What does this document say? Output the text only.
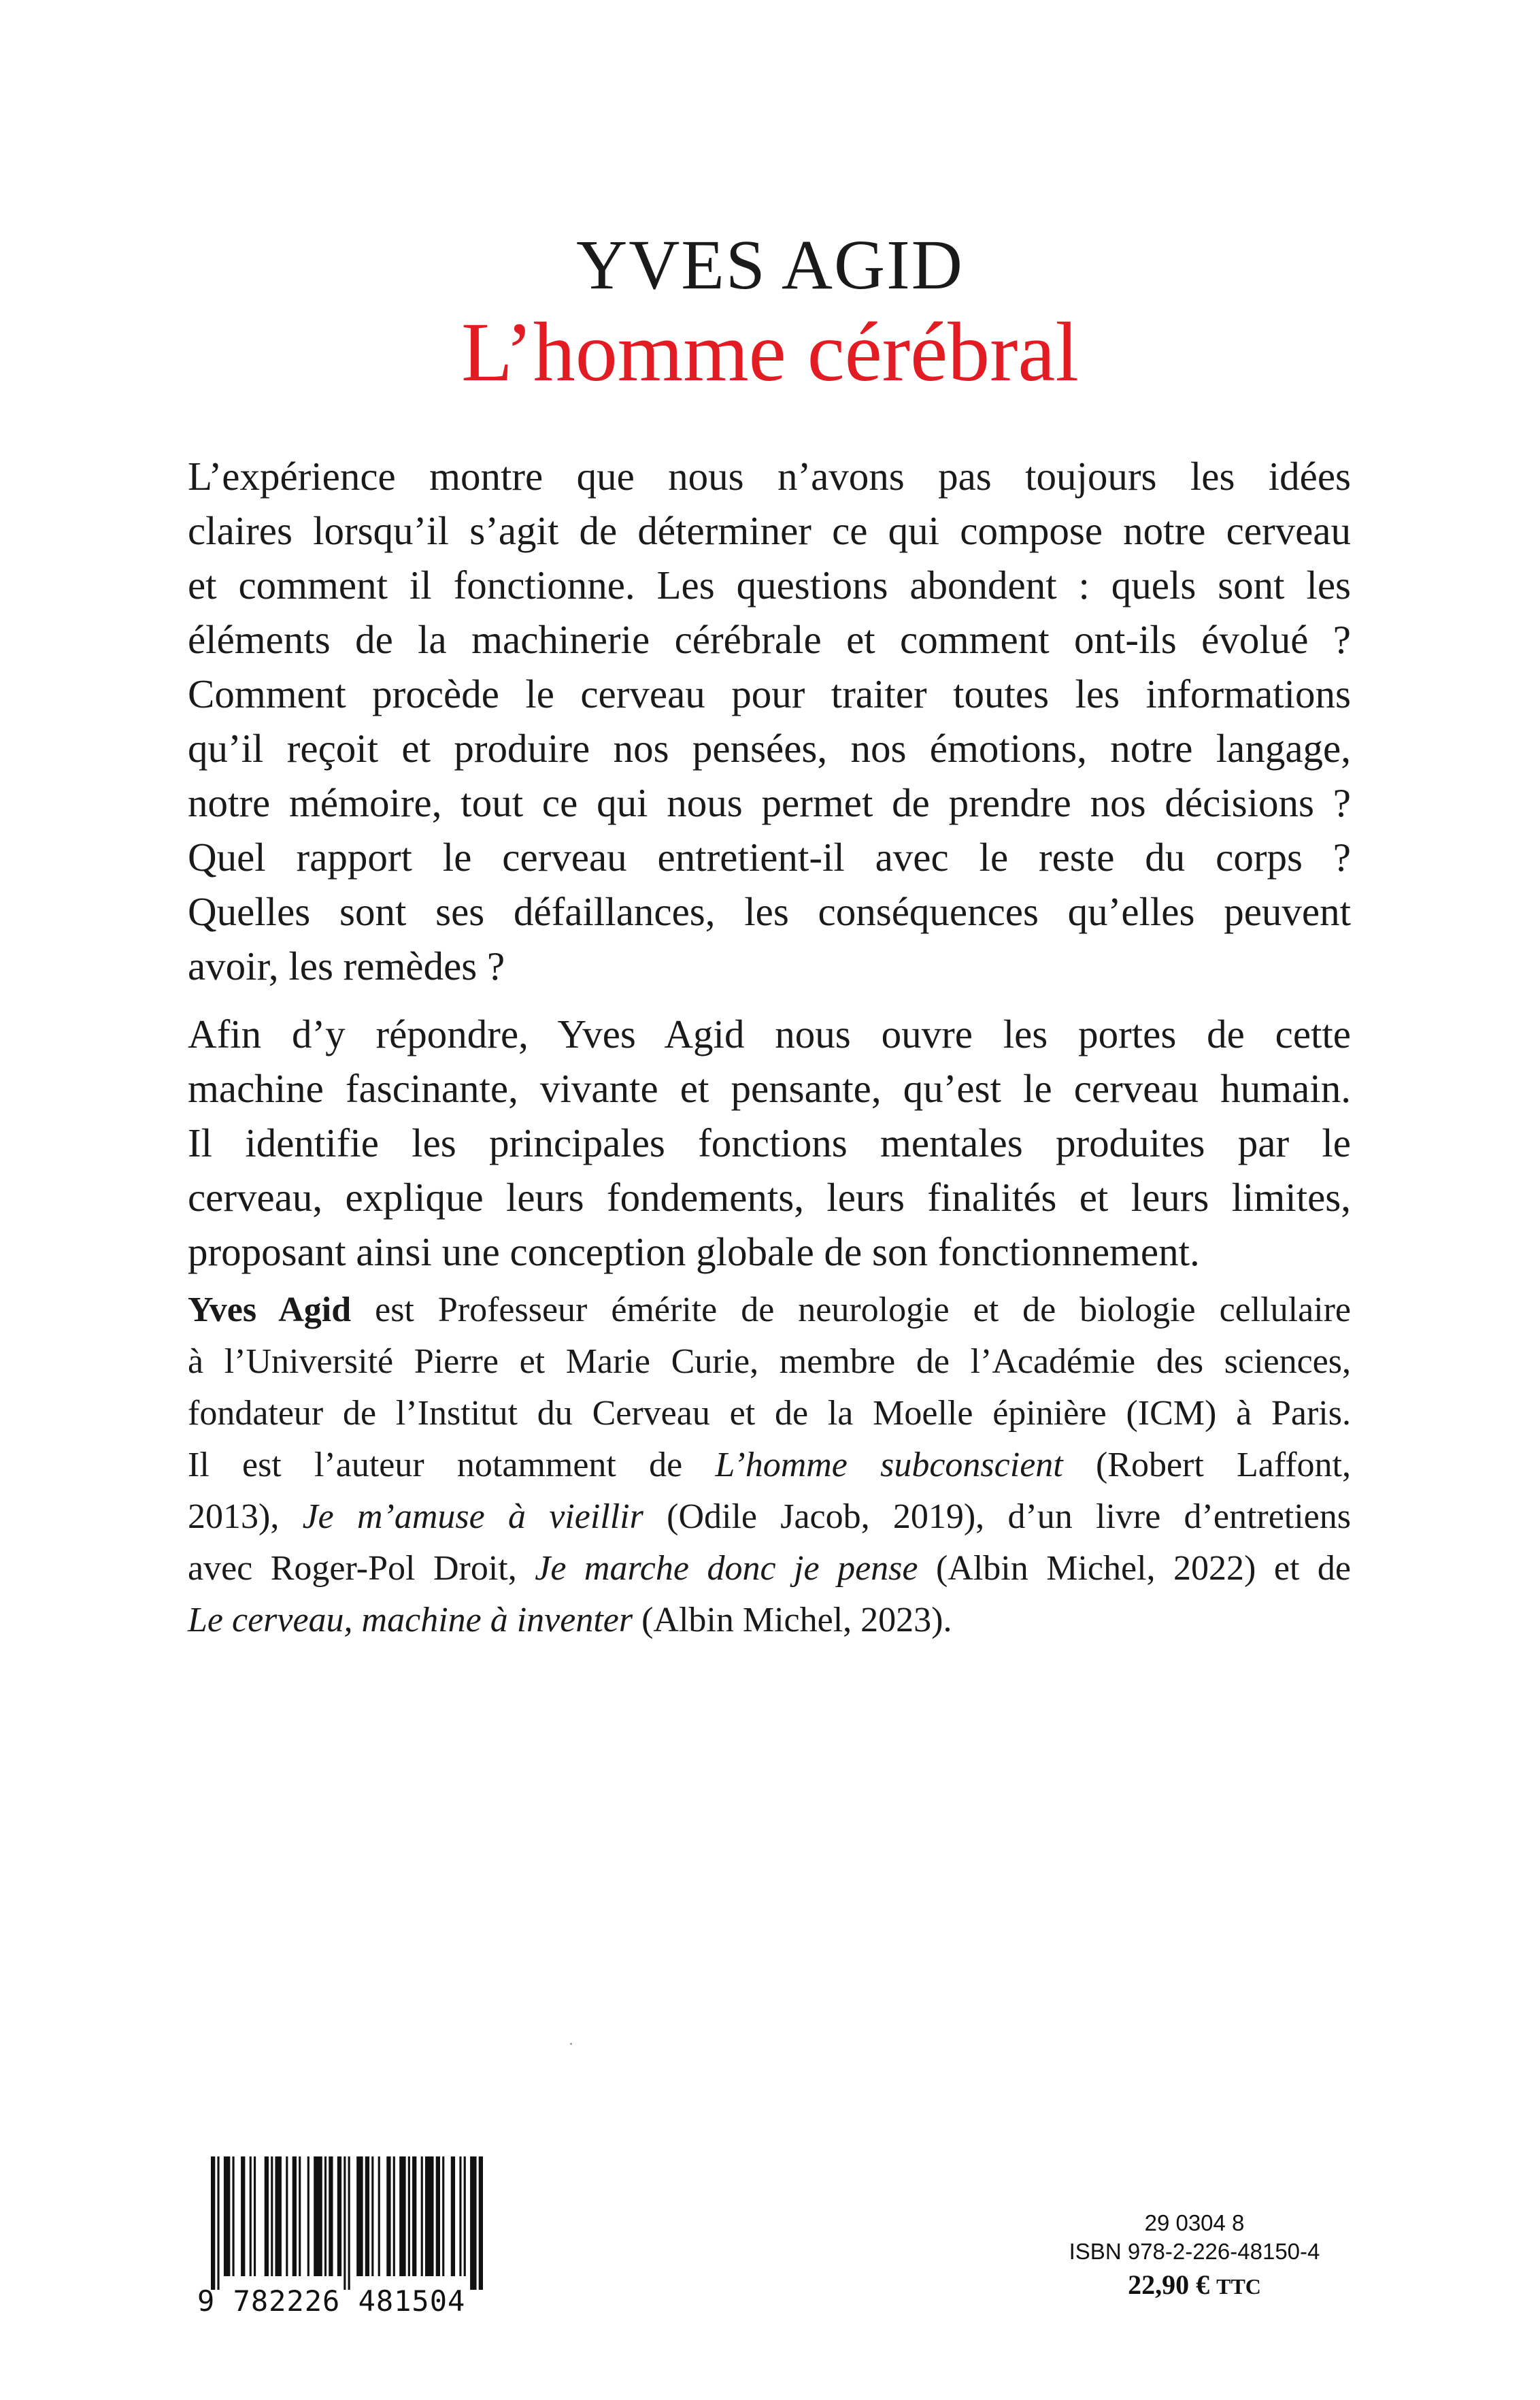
YVES AGID
L’homme cérébral

L’expérience montre que nous n’avons pas toujours les idées
claires lorsqu’il s’agit de déterminer ce qui compose notre cerveau
et comment il fonctionne. Les questions abondent : quels sont les
éléments de la machinerie cérébrale et comment ont-ils évolué ?
Comment procède le cerveau pour traiter toutes les informations
qu’il reçoit et produire nos pensées, nos émotions, notre langage,
notre mémoire, tout ce qui nous permet de prendre nos décisions ?
Quel rapport le cerveau entretient-il avec le reste du corps ?
Quelles sont ses défaillances, les conséquences qu’elles peuvent
avoir, les remèdes ?

Afin d’y répondre, Yves Agid nous ouvre les portes de cette
machine fascinante, vivante et pensante, qu’est le cerveau humain.
Il identifie les principales fonctions mentales produites par le
cerveau, explique leurs fondements, leurs finalités et leurs limites,
proposant ainsi une conception globale de son fonctionnement.

Yves Agid est Professeur émérite de neurologie et de biologie cellulaire
à l’Université Pierre et Marie Curie, membre de l’Académie des sciences,
fondateur de l’Institut du Cerveau et de la Moelle épinière (ICM) à Paris.
Il est l’auteur notamment de L’homme subconscient (Robert Laffont,
2013), Je m’amuse à vieillir (Odile Jacob, 2019), d’un livre d’entretiens
avec Roger-Pol Droit, Je marche donc je pense (Albin Michel, 2022) et de
Le cerveau, machine à inventer (Albin Michel, 2023).
9 782226 481504
29 0304 8
ISBN 978-2-226-48150-4
22,90 € TTC
